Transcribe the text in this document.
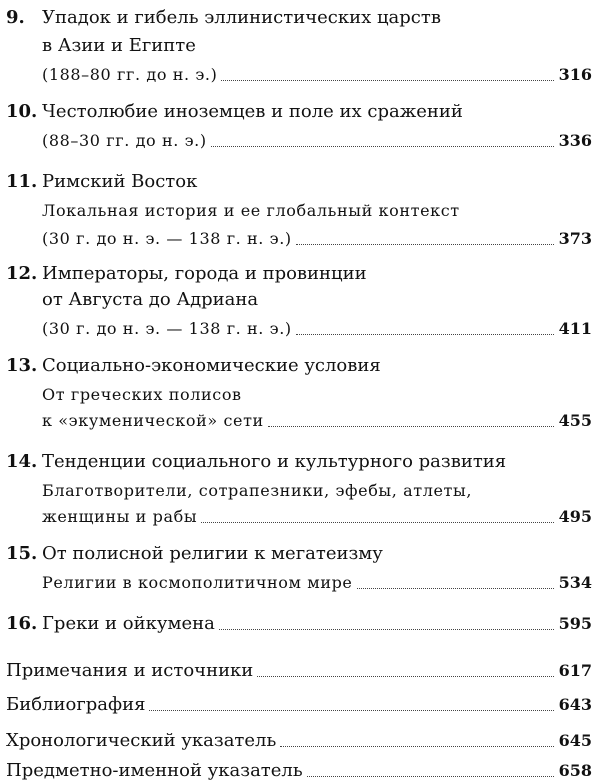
9. Упадок и гибель эллинистических царств
в Азии и Египте
(188–80 гг. до н. э.)	316
10. Честолюбие иноземцев и поле их сражений
(88–30 гг. до н. э.)	336
11. Римский Восток
Локальная история и ее глобальный контекст
(30 г. до н. э. — 138 г. н. э.)	373
12. Императоры, города и провинции
от Августа до Адриана
(30 г. до н. э. — 138 г. н. э.)	411
13. Социально-экономические условия
От греческих полисов
к «экуменической» сети	455
14. Тенденции социального и культурного развития
Благотворители, сотрапезники, эфебы, атлеты,
женщины и рабы	495
15. От полисной религии к мегатеизму
Религии в космополитичном мире	534
16. Греки и ойкумена	595
Примечания и источники	617
Библиография	643
Хронологический указатель	645
Предметно-именной указатель	658
